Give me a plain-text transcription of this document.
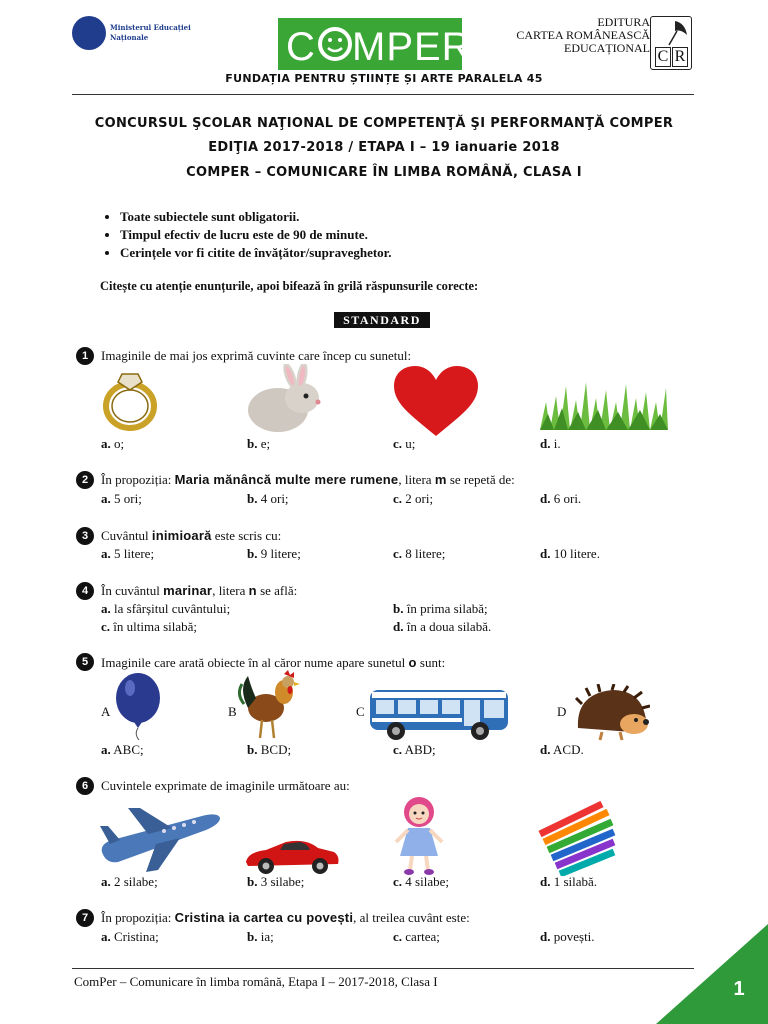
Ministerul Educației
Naționale	C MPER
EDITURA
CARTEA ROMÂNEASCĂ
EDUCAȚIONAL C R
FUNDAȚIA PENTRU ȘTIINȚE ȘI ARTE PARALELA 45
CONCURSUL ŞCOLAR NAŢIONAL DE COMPETENŢĂ ŞI PERFORMANŢĂ COMPER
EDIŢIA 2017-2018 / ETAPA I – 19 ianuarie 2018
COMPER – COMUNICARE ÎN LIMBA ROMÂNĂ, CLASA I
• Toate subiectele sunt obligatorii.
• Timpul efectiv de lucru este de 90 de minute.
• Cerințele vor fi citite de învățător/supraveghetor.
Citește cu atenție enunțurile, apoi bifează în grilă răspunsurile corecte:
STANDARD
1 Imaginile de mai jos exprimă cuvinte care încep cu sunetul:
a. o;	b. e;	c. u;	d. i.
2 În propoziția: Maria mănâncă multe mere rumene, litera m se repetă de:
a. 5 ori;	b. 4 ori;	c. 2 ori;	d. 6 ori.
3 Cuvântul inimioară este scris cu:
a. 5 litere;	b. 9 litere;	c. 8 litere;	d. 10 litere.
4 În cuvântul marinar, litera n se află:
a. la sfârșitul cuvântului;	b. în prima silabă;
c. în ultima silabă;	d. în a doua silabă.
5 Imaginile care arată obiecte în al căror nume apare sunetul o sunt:
A	B	C	D
a. ABC;	b. BCD;	c. ABD;	d. ACD.
6 Cuvintele exprimate de imaginile următoare au:
a. 2 silabe;	b. 3 silabe;	c. 4 silabe;	d. 1 silabă.
7 În propoziția: Cristina ia cartea cu povești, al treilea cuvânt este:
a. Cristina;	b. ia;	c. cartea;	d. povești.
ComPer – Comunicare în limba română, Etapa I – 2017-2018, Clasa I	1
